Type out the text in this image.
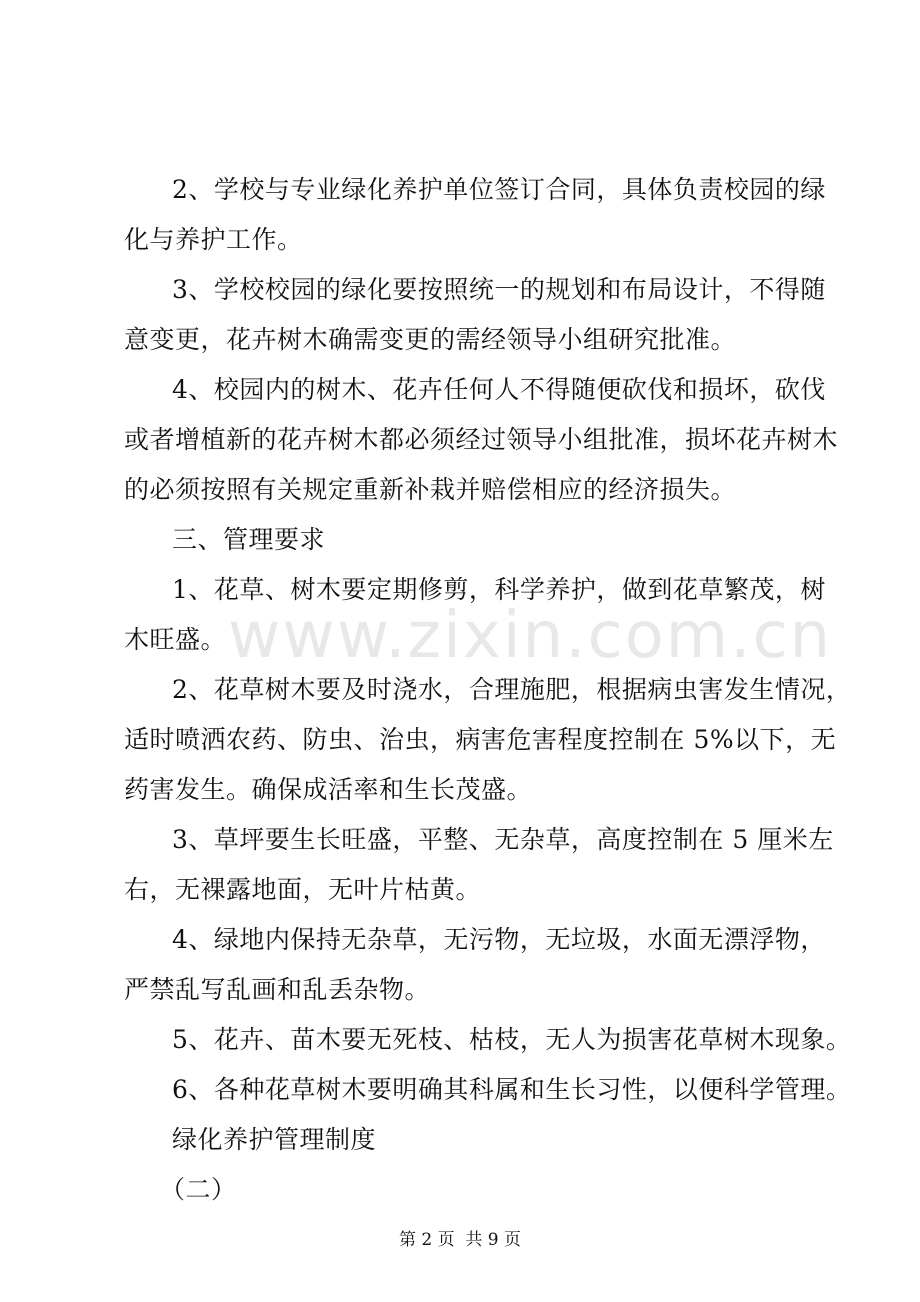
2、学校与专业绿化养护单位签订合同，具体负责校园的绿
化与养护工作。
3、学校校园的绿化要按照统一的规划和布局设计，不得随
意变更，花卉树木确需变更的需经领导小组研究批准。
4、校园内的树木、花卉任何人不得随便砍伐和损坏，砍伐
或者增植新的花卉树木都必须经过领导小组批准，损坏花卉树木
的必须按照有关规定重新补栽并赔偿相应的经济损失。
三、管理要求
1、花草、树木要定期修剪，科学养护，做到花草繁茂，树
木旺盛。
2、花草树木要及时浇水，合理施肥，根据病虫害发生情况，
适时喷洒农药、防虫、治虫，病害危害程度控制在 5%以下，无
药害发生。确保成活率和生长茂盛。
3、草坪要生长旺盛，平整、无杂草，高度控制在 5 厘米左
右，无裸露地面，无叶片枯黄。
4、绿地内保持无杂草，无污物，无垃圾，水面无漂浮物，
严禁乱写乱画和乱丢杂物。
5、花卉、苗木要无死枝、枯枝，无人为损害花草树木现象。
6、各种花草树木要明确其科属和生长习性，以便科学管理。
绿化养护管理制度
（二）
www.zixin.com.cn
第 2 页  共 9 页
